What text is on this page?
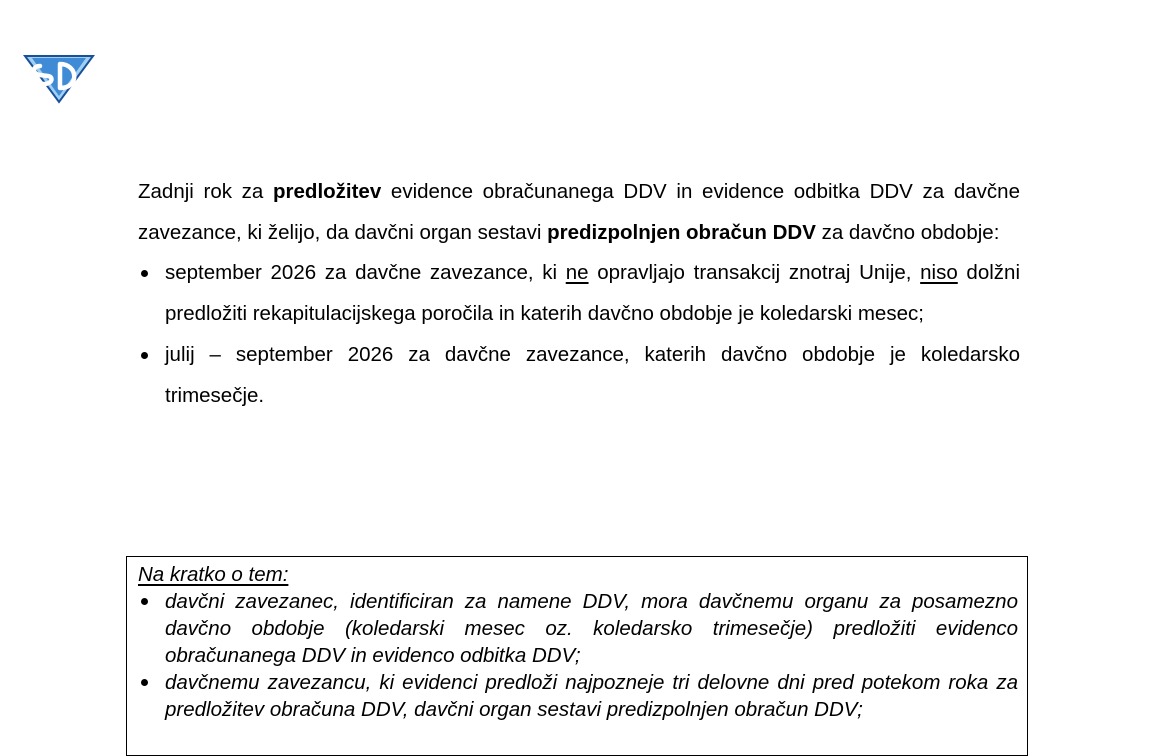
Zadnji rok za predložitev evidence obračunanega DDV in evidence odbitka DDV za davčne zavezance, ki želijo, da davčni organ sestavi predizpolnjen obračun DDV za davčno obdobje:

september 2026 za davčne zavezance, ki ne opravljajo transakcij znotraj Unije, niso dolžni predložiti rekapitulacijskega poročila in katerih davčno obdobje je koledarski mesec;
julij – september 2026 za davčne zavezance, katerih davčno obdobje je koledarsko trimesečje.
Na kratko o tem:
davčni zavezanec, identificiran za namene DDV, mora davčnemu organu za posamezno davčno obdobje (koledarski mesec oz. koledarsko trimesečje) predložiti evidenco obračunanega DDV in evidenco odbitka DDV;
davčnemu zavezancu, ki evidenci predloži najpozneje tri delovne dni pred potekom roka za predložitev obračuna DDV, davčni organ sestavi predizpolnjen obračun DDV;
